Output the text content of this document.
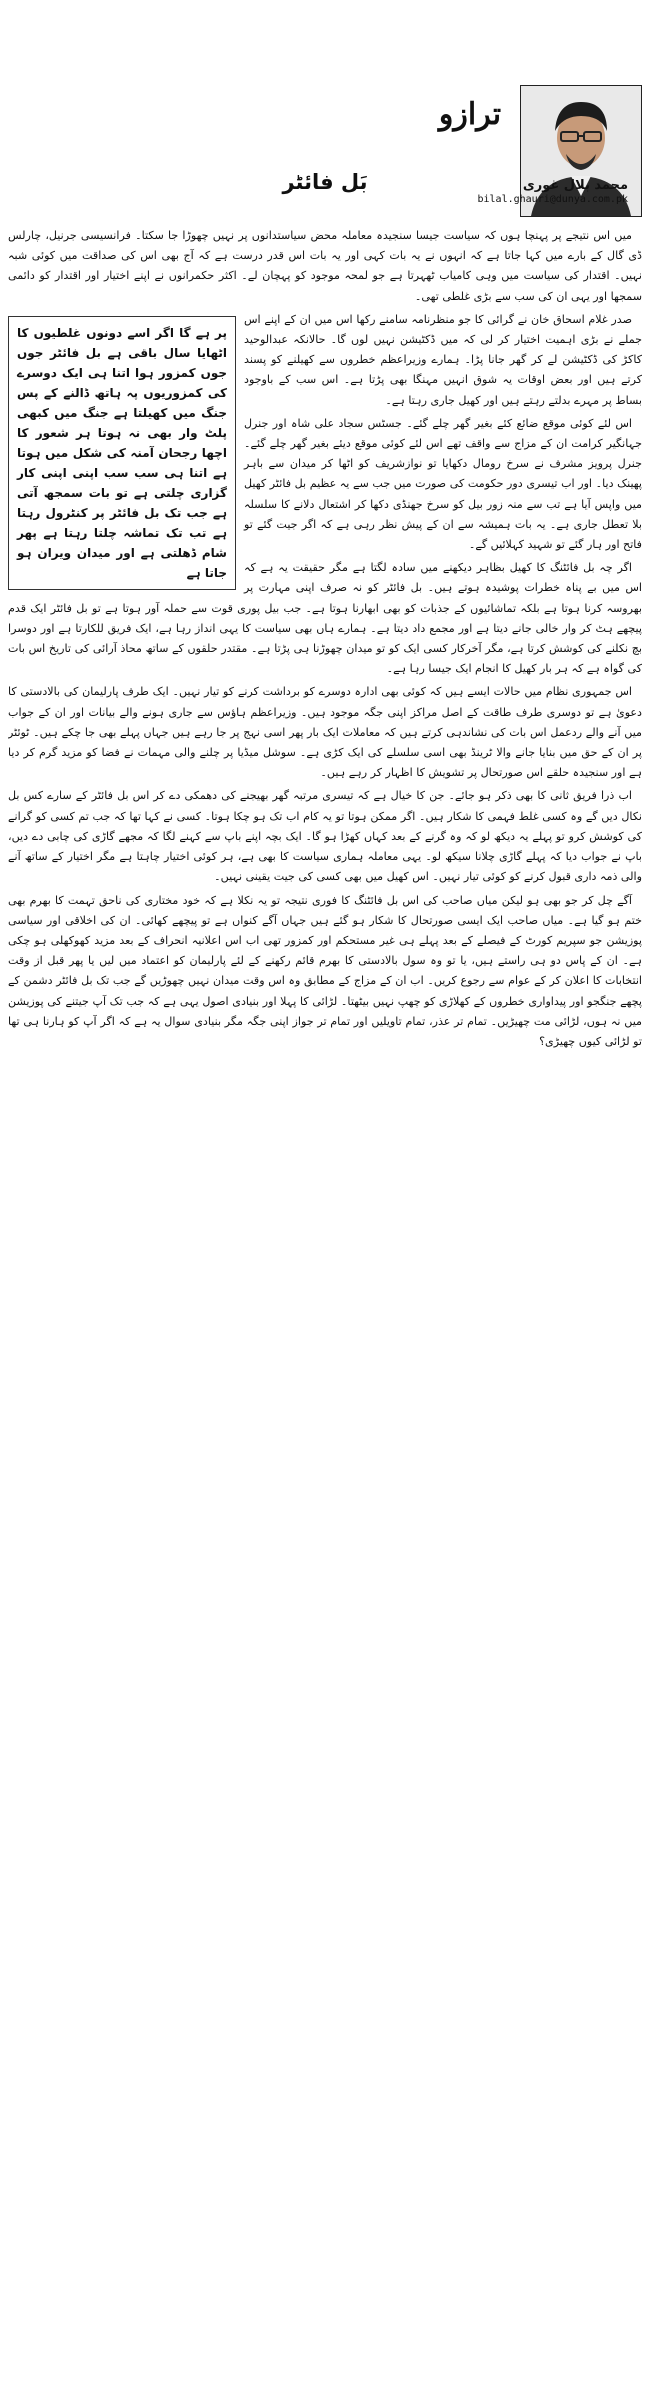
ترازو
بَل فائٹر	محمد بلال غوری
bilal.ghauri@dunya.com.pk

میں اس نتیجے پر پہنچا ہوں کہ سیاست جیسا سنجیدہ معاملہ محض سیاستدانوں پر نہیں چھوڑا جا سکتا۔ فرانسیسی جرنیل، چارلس ڈی گال کے بارے میں کہا جاتا ہے کہ انہوں نے یہ بات کہی اور یہ بات اس قدر درست ہے کہ آج بھی اس کی صداقت میں کوئی شبہ نہیں۔ اقتدار کی سیاست میں وہی کامیاب ٹھہرتا ہے جو لمحہ موجود کو پہچان لے۔ اکثر حکمرانوں نے اپنے اختیار اور اقتدار کو دائمی سمجھا اور یہی ان کی سب سے بڑی غلطی تھی۔

پر ہے گا اگر اسے دونوں غلطیوں کا اٹھایا سال باقی ہے بل فائٹر جوں جوں کمزور ہوا اتنا ہی ایک دوسرے کی کمزوریوں پہ ہاتھ ڈالنے کے پس جنگ میں کھیلتا ہے جنگ میں کبھی پلٹ وار بھی نہ ہوتا ہر شعور کا اچھا رجحان آمنہ کی شکل میں ہوتا ہے اتنا ہی سب سب اپنی اپنی کار گزاری چلتی ہے تو بات سمجھ آتی ہے جب تک بل فائٹر پر کنٹرول رہتا ہے تب تک تماشہ چلتا رہتا ہے پھر شام ڈھلتی ہے اور میدان ویران ہو جاتا ہے

صدر غلام اسحاق خان نے گرائی کا جو منظرنامہ سامنے رکھا اس میں ان کے اپنے اس جملے نے بڑی اہمیت اختیار کر لی کہ میں ڈکٹیشن نہیں لوں گا۔ حالانکہ عبدالوحید کاکڑ کی ڈکٹیشن لے کر گھر جانا پڑا۔ ہمارے وزیراعظم خطروں سے کھیلنے کو پسند کرتے ہیں اور بعض اوقات یہ شوق انہیں مہنگا بھی پڑتا ہے۔ اس سب کے باوجود بساط پر مہرے بدلتے رہتے ہیں اور کھیل جاری رہتا ہے۔

اس لئے کوئی موقع ضائع کئے بغیر گھر چلے گئے۔ جسٹس سجاد علی شاہ اور جنرل جہانگیر کرامت ان کے مزاج سے واقف تھے اس لئے کوئی موقع دیئے بغیر گھر چلے گئے۔ جنرل پرویز مشرف نے سرخ رومال دکھایا تو نوازشریف کو اٹھا کر میدان سے باہر پھینک دیا۔ اور اب تیسری دور حکومت کی صورت میں جب سے یہ عظیم بل فائٹر کھیل میں واپس آیا ہے تب سے منہ زور بیل کو سرخ جھنڈی دکھا کر اشتعال دلانے کا سلسلہ بلا تعطل جاری ہے۔ یہ بات ہمیشہ سے ان کے پیش نظر رہی ہے کہ اگر جیت گئے تو فاتح اور ہار گئے تو شہید کہلائیں گے۔

اگر چہ بل فائٹنگ کا کھیل بظاہر دیکھنے میں سادہ لگتا ہے مگر حقیقت یہ ہے کہ اس میں بے پناہ خطرات پوشیدہ ہوتے ہیں۔ بل فائٹر کو نہ صرف اپنی مہارت پر بھروسہ کرنا ہوتا ہے بلکہ تماشائیوں کے جذبات کو بھی ابھارنا ہوتا ہے۔ جب بیل پوری قوت سے حملہ آور ہوتا ہے تو بل فائٹر ایک قدم پیچھے ہٹ کر وار خالی جانے دیتا ہے اور مجمع داد دیتا ہے۔ ہمارے ہاں بھی سیاست کا یہی انداز رہا ہے، ایک فریق للکارتا ہے اور دوسرا بچ نکلنے کی کوشش کرتا ہے، مگر آخرکار کسی ایک کو تو میدان چھوڑنا ہی پڑتا ہے۔ مقتدر حلقوں کے ساتھ محاذ آرائی کی تاریخ اس بات کی گواہ ہے کہ ہر بار کھیل کا انجام ایک جیسا رہا ہے۔

اس جمہوری نظام میں حالات ایسے ہیں کہ کوئی بھی ادارہ دوسرے کو برداشت کرنے کو تیار نہیں۔ ایک طرف پارلیمان کی بالادستی کا دعویٰ ہے تو دوسری طرف طاقت کے اصل مراکز اپنی جگہ موجود ہیں۔ وزیراعظم ہاؤس سے جاری ہونے والے بیانات اور ان کے جواب میں آنے والے ردعمل اس بات کی نشاندہی کرتے ہیں کہ معاملات ایک بار پھر اسی نہج پر جا رہے ہیں جہاں پہلے بھی جا چکے ہیں۔ ٹوئٹر پر ان کے حق میں بنایا جانے والا ٹرینڈ بھی اسی سلسلے کی ایک کڑی ہے۔ سوشل میڈیا پر چلنے والی مہمات نے فضا کو مزید گرم کر دیا ہے اور سنجیدہ حلقے اس صورتحال پر تشویش کا اظہار کر رہے ہیں۔

اب ذرا فریق ثانی کا بھی ذکر ہو جائے۔ جن کا خیال ہے کہ تیسری مرتبہ گھر بھیجنے کی دھمکی دے کر اس بل فائٹر کے سارے کس بل نکال دیں گے وہ کسی غلط فہمی کا شکار ہیں۔ اگر ممکن ہوتا تو یہ کام اب تک ہو چکا ہوتا۔ کسی نے کہا تھا کہ جب تم کسی کو گرانے کی کوشش کرو تو پہلے یہ دیکھ لو کہ وہ گرنے کے بعد کہاں کھڑا ہو گا۔ ایک بچہ اپنے باپ سے کہنے لگا کہ مجھے گاڑی کی چابی دے دیں، باپ نے جواب دیا کہ پہلے گاڑی چلانا سیکھ لو۔ یہی معاملہ ہماری سیاست کا بھی ہے، ہر کوئی اختیار چاہتا ہے مگر اختیار کے ساتھ آنے والی ذمہ داری قبول کرنے کو کوئی تیار نہیں۔ اس کھیل میں بھی کسی کی جیت یقینی نہیں۔

آگے چل کر جو بھی ہو لیکن میاں صاحب کی اس بل فائٹنگ کا فوری نتیجہ تو یہ نکلا ہے کہ خود مختاری کی ناحق تہمت کا بھرم بھی ختم ہو گیا ہے۔ میاں صاحب ایک ایسی صورتحال کا شکار ہو گئے ہیں جہاں آگے کنواں ہے تو پیچھے کھائی۔ ان کی اخلاقی اور سیاسی پوزیشن جو سپریم کورٹ کے فیصلے کے بعد پہلے ہی غیر مستحکم اور کمزور تھی اب اس اعلانیہ انحراف کے بعد مزید کھوکھلی ہو چکی ہے۔ ان کے پاس دو ہی راستے ہیں، یا تو وہ سول بالادستی کا بھرم قائم رکھنے کے لئے پارلیمان کو اعتماد میں لیں یا پھر قبل از وقت انتخابات کا اعلان کر کے عوام سے رجوع کریں۔ اب ان کے مزاج کے مطابق وہ اس وقت میدان نہیں چھوڑیں گے جب تک بل فائٹر دشمن کے پچھے جنگجو اور پیداواری خطروں کے کھلاڑی کو چھپ نہیں بیٹھتا۔ لڑائی کا پہلا اور بنیادی اصول یہی ہے کہ جب تک آپ جیتنے کی پوزیشن میں نہ ہوں، لڑائی مت چھیڑیں۔ تمام تر عذر، تمام تاویلیں اور تمام تر جواز اپنی جگہ مگر بنیادی سوال یہ ہے کہ اگر آپ کو ہارنا ہی تھا تو لڑائی کیوں چھیڑی؟
